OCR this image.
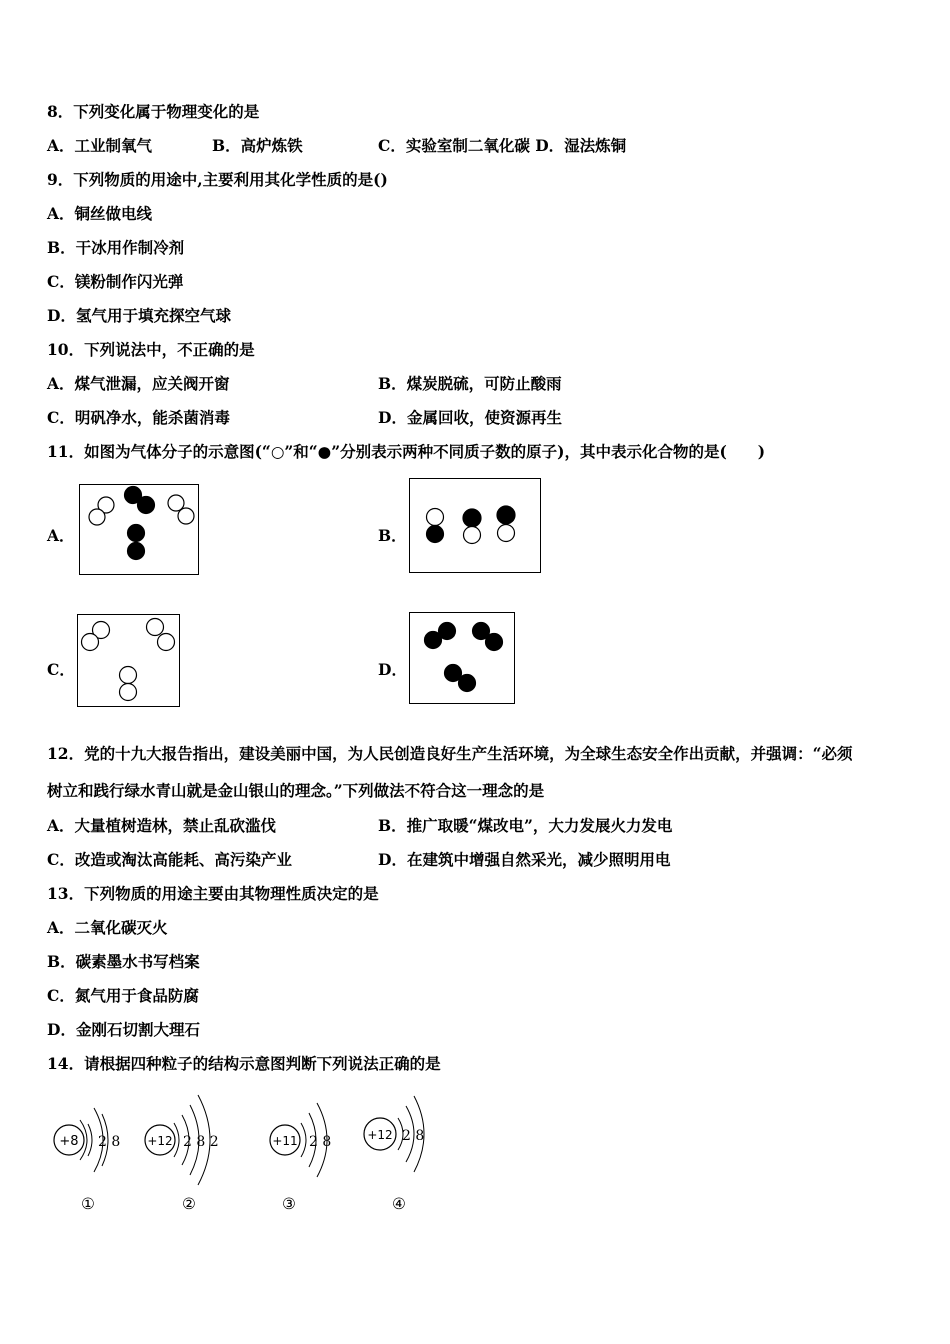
8．下列变化属于物理变化的是
A．工业制氧气	B．高炉炼铁	C．实验室制二氧化碳 D．湿法炼铜
9．下列物质的用途中,主要利用其化学性质的是()
A．铜丝做电线
B．干冰用作制冷剂
C．镁粉制作闪光弹
D．氢气用于填充探空气球
10．下列说法中，不正确的是
A．煤气泄漏，应关阀开窗	B．煤炭脱硫，可防止酸雨
C．明矾净水，能杀菌消毒	D．金属回收，使资源再生
11．如图为气体分子的示意图(“○”和“●”分别表示两种不同质子数的原子)，其中表示化合物的是(　　)
A．	B．
C．	D．
12．党的十九大报告指出，建设美丽中国，为人民创造良好生产生活环境，为全球生态安全作出贡献，并强调：“必须
树立和践行绿水青山就是金山银山的理念。”下列做法不符合这一理念的是
A．大量植树造林，禁止乱砍滥伐	B．推广取暖“煤改电”，大力发展火力发电
C．改造或淘汰高能耗、高污染产业	D．在建筑中增强自然采光，减少照明用电
13．下列物质的用途主要由其物理性质决定的是
A．二氧化碳灭火
B．碳素墨水书写档案
C．氮气用于食品防腐
D．金刚石切割大理石
14．请根据四种粒子的结构示意图判断下列说法正确的是
+8 2 8
①
+12 2 8 2
②
+11 2 8
③
+12 2 8
④
